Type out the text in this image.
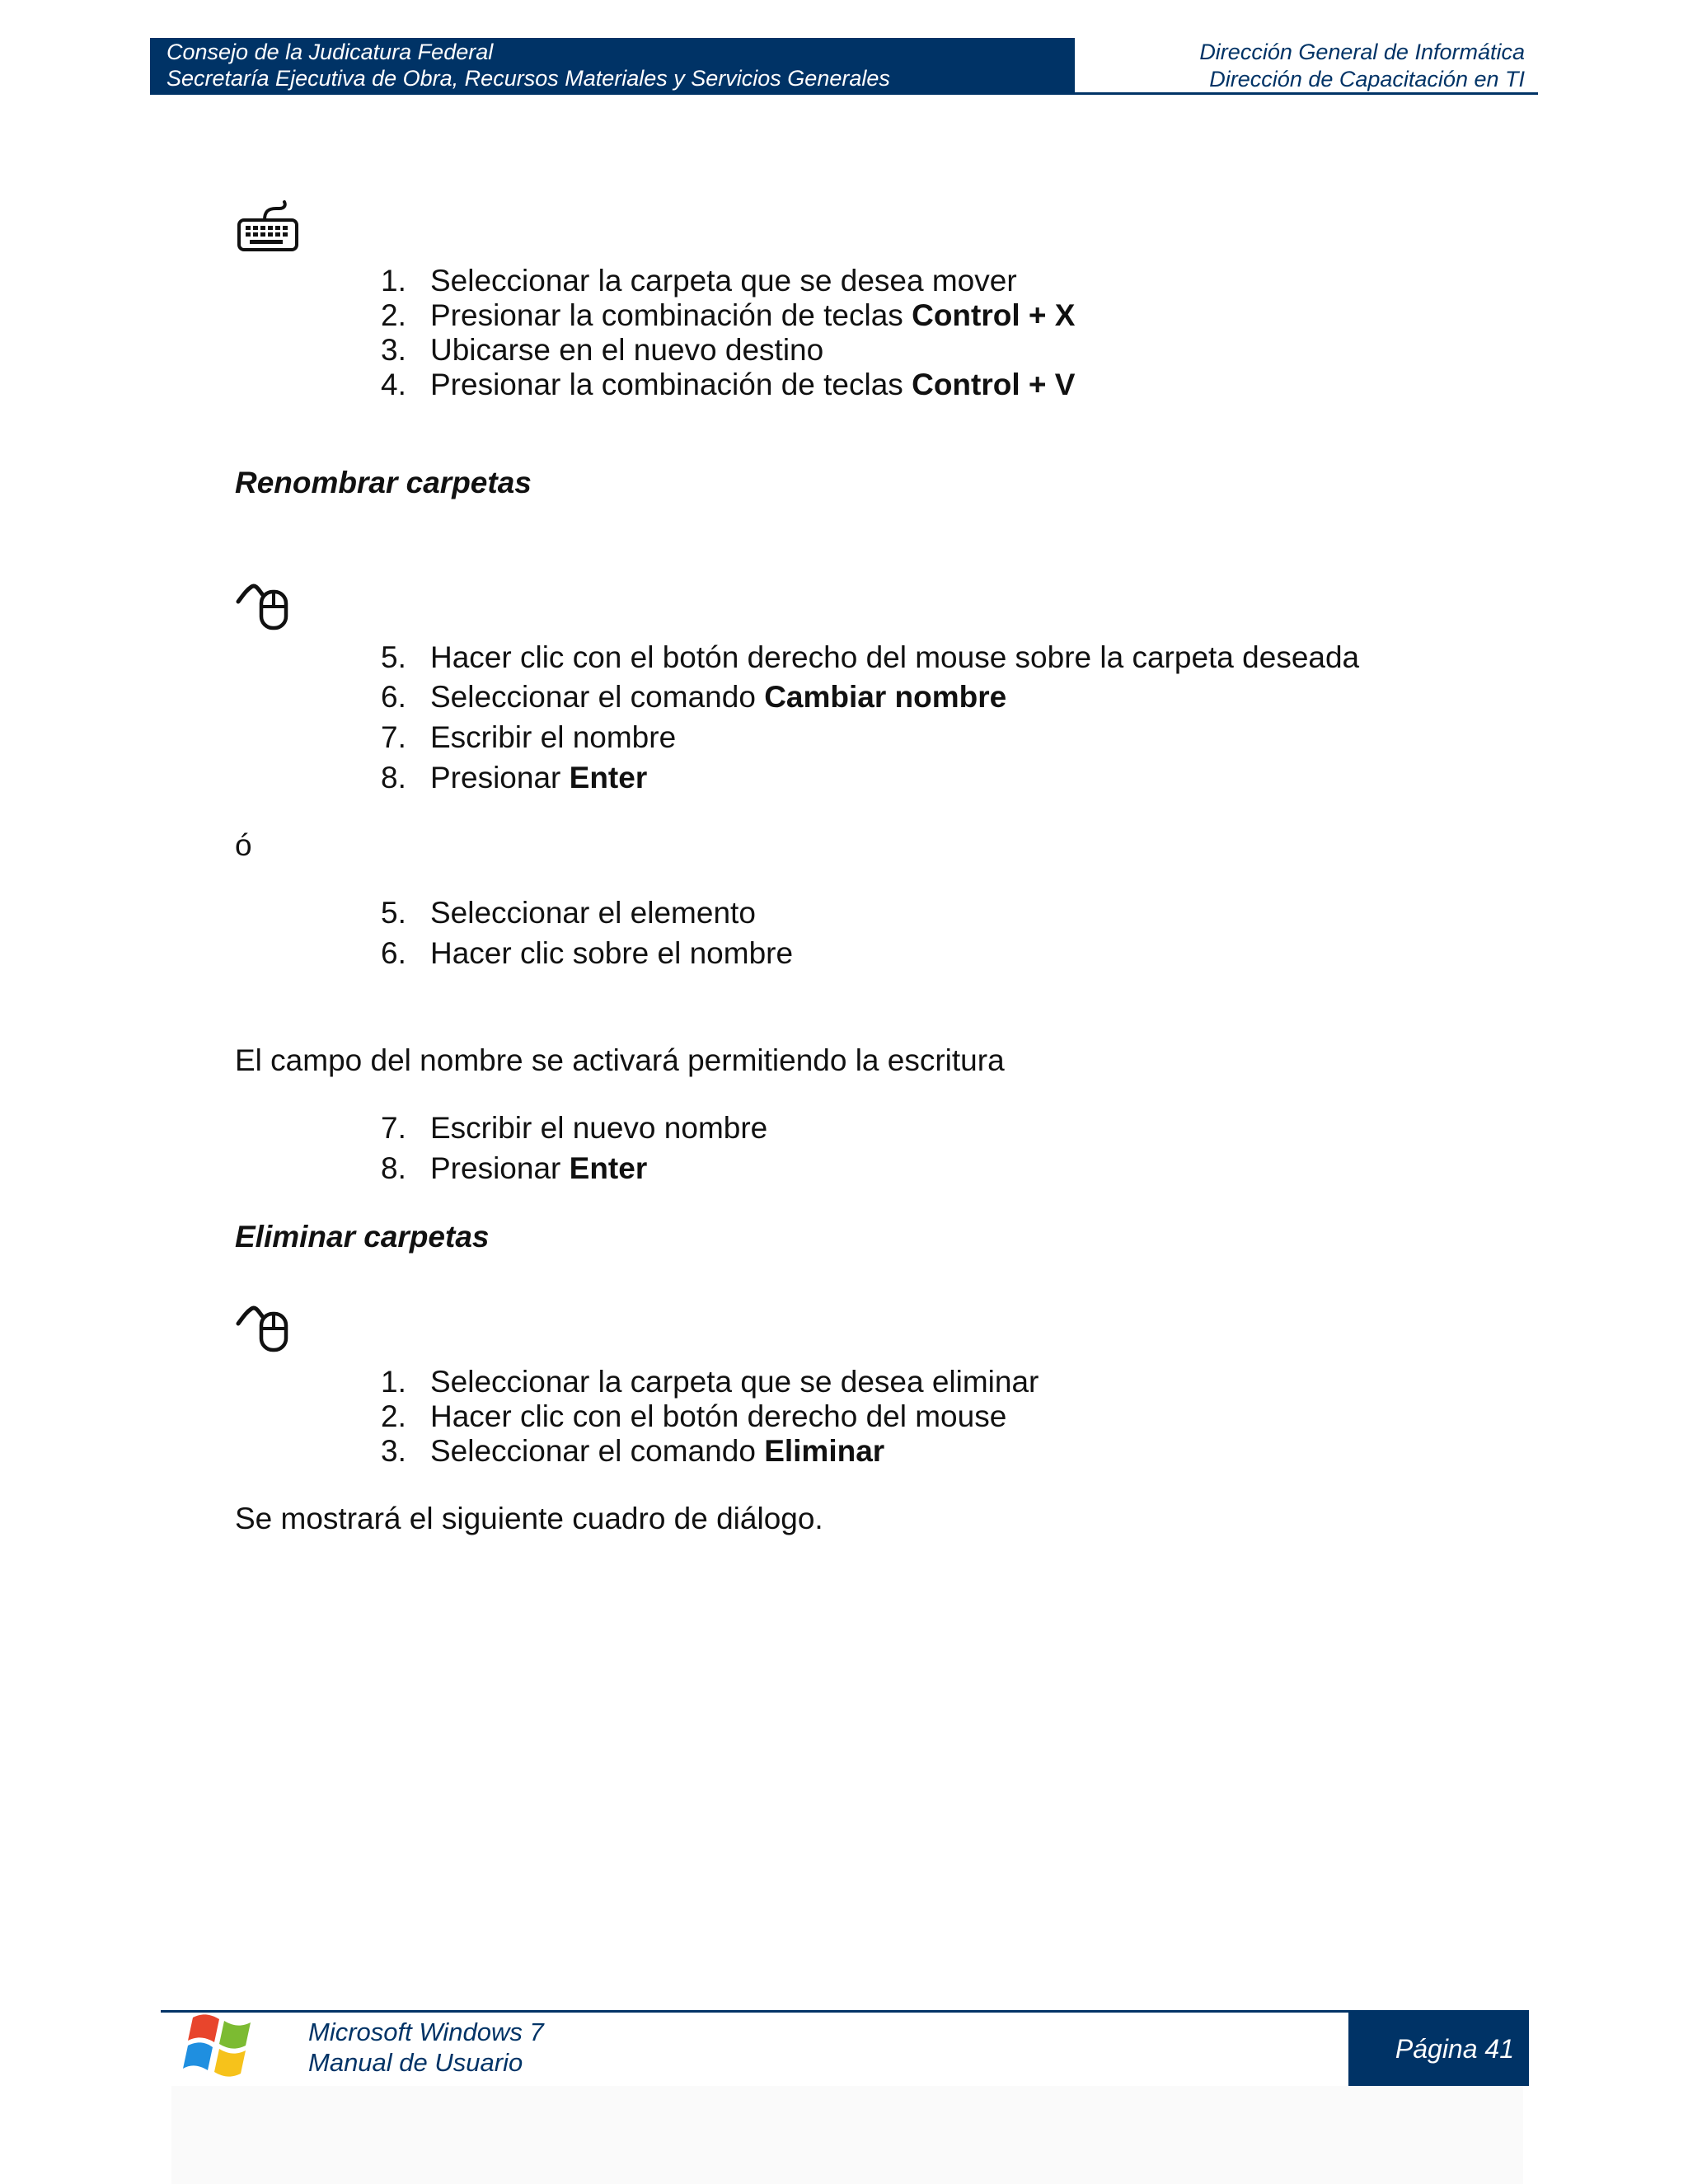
Consejo de la Judicatura Federal
Secretaría Ejecutiva de Obra, Recursos Materiales y Servicios Generales
Dirección General de Informática
Dirección de Capacitación en TI
1. Seleccionar la carpeta que se desea mover
2. Presionar la combinación de teclas Control + X
3. Ubicarse en el nuevo destino
4. Presionar la combinación de teclas Control + V
Renombrar carpetas
5. Hacer clic con el botón derecho del mouse sobre la carpeta deseada
6. Seleccionar el comando Cambiar nombre
7. Escribir el nombre
8. Presionar Enter
ó
5. Seleccionar el elemento
6. Hacer clic sobre el nombre
El campo del nombre se activará permitiendo la escritura
7. Escribir el nuevo nombre
8. Presionar Enter
Eliminar carpetas
1. Seleccionar la carpeta que se desea eliminar
2. Hacer clic con el botón derecho del mouse
3. Seleccionar el comando Eliminar
Se mostrará el siguiente cuadro de diálogo.
Microsoft Windows 7
Manual de Usuario	Página 41
